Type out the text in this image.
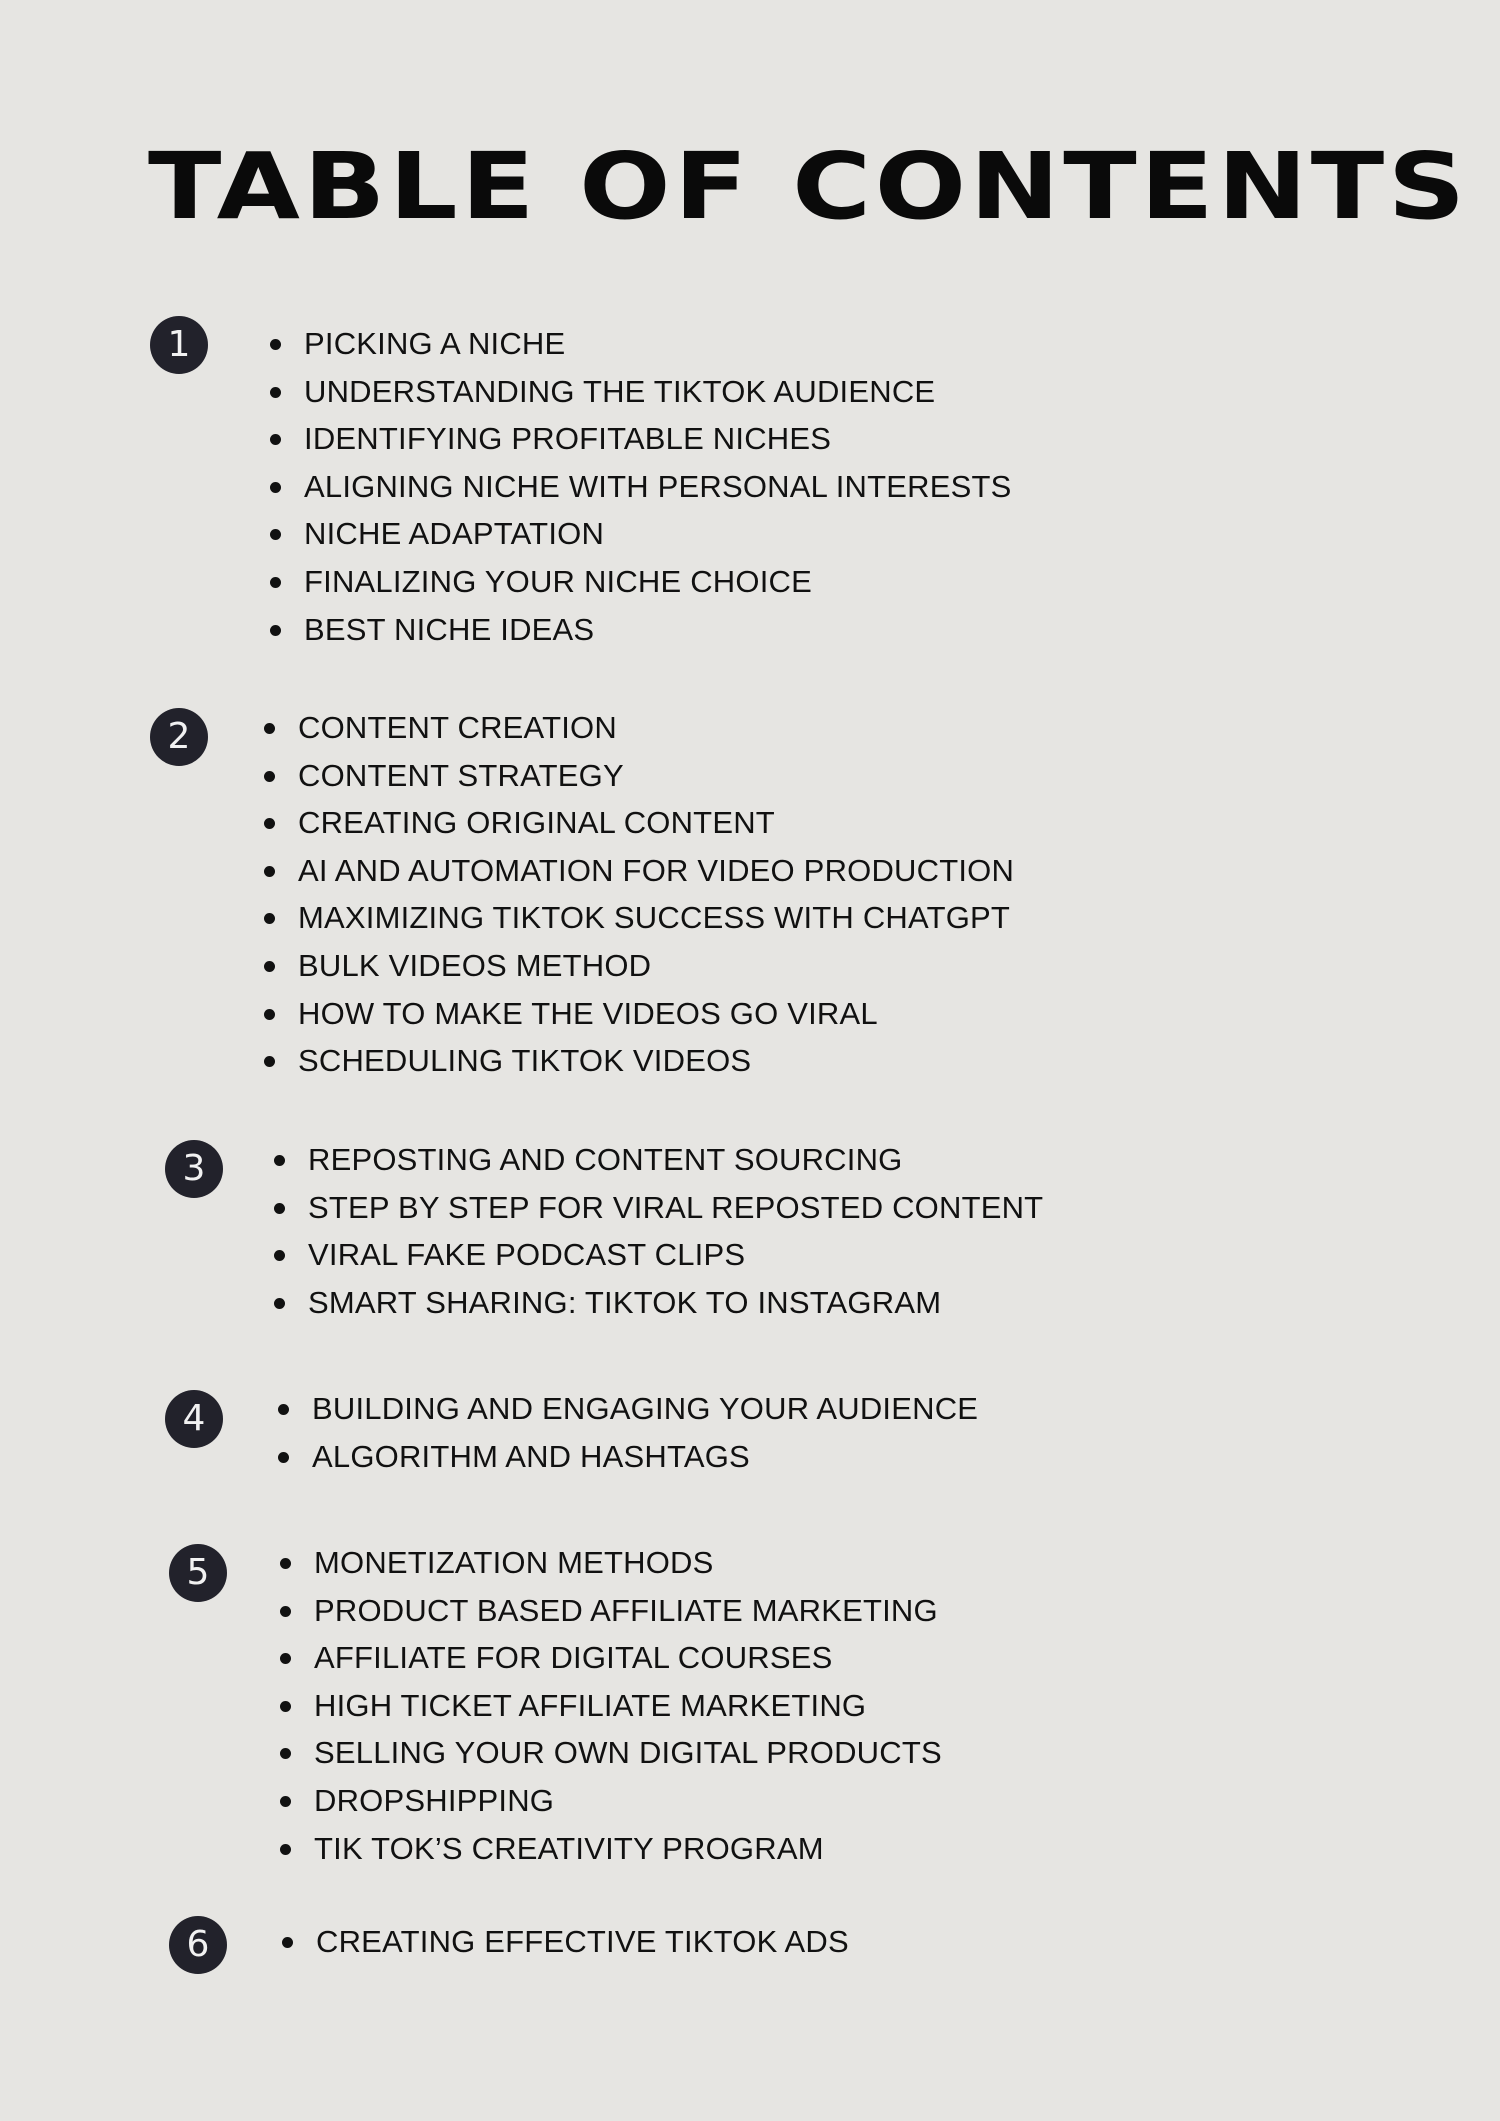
TABLE OF CONTENTS
1	PICKING A NICHE
UNDERSTANDING THE TIKTOK AUDIENCE
IDENTIFYING PROFITABLE NICHES
ALIGNING NICHE WITH PERSONAL INTERESTS
NICHE ADAPTATION
FINALIZING YOUR NICHE CHOICE
BEST NICHE IDEAS
2	CONTENT CREATION
CONTENT STRATEGY
CREATING ORIGINAL CONTENT
AI AND AUTOMATION FOR VIDEO PRODUCTION
MAXIMIZING TIKTOK SUCCESS WITH CHATGPT
BULK VIDEOS METHOD
HOW TO MAKE THE VIDEOS GO VIRAL
SCHEDULING TIKTOK VIDEOS
3	REPOSTING AND CONTENT SOURCING
STEP BY STEP FOR VIRAL REPOSTED CONTENT
VIRAL FAKE PODCAST CLIPS
SMART SHARING: TIKTOK TO INSTAGRAM
4	BUILDING AND ENGAGING YOUR AUDIENCE
ALGORITHM AND HASHTAGS
5	MONETIZATION METHODS
PRODUCT BASED AFFILIATE MARKETING
AFFILIATE FOR DIGITAL COURSES
HIGH TICKET AFFILIATE MARKETING
SELLING YOUR OWN DIGITAL PRODUCTS
DROPSHIPPING
TIK TOK’S CREATIVITY PROGRAM
6	CREATING EFFECTIVE TIKTOK ADS
